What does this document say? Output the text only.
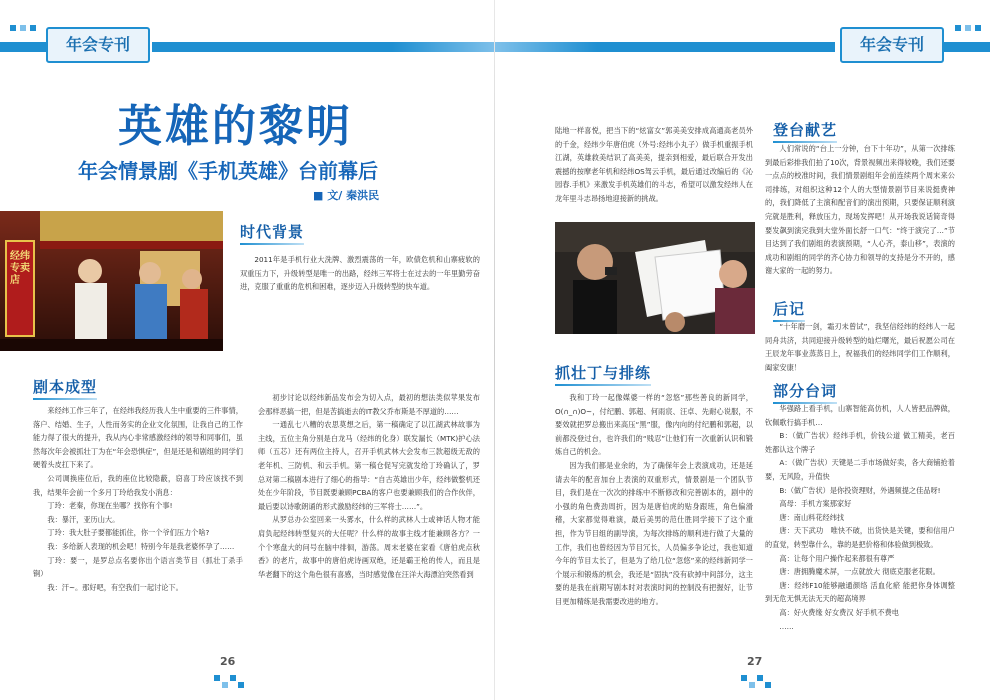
年会专刊
英雄的黎明
年会情景剧《手机英雄》台前幕后
■ 文/ 秦洪民
经纬专卖店
时代背景

2011年是手机行业大洗牌、激烈震荡的一年，欧债危机和山寨疲软的双重压力下，升级转型是唯一的出路，经纬三军将士在过去的一年里勤劳奋进，克服了重重的危机和困难，逐步迈入升级转型的快车道。

剧本成型

来经纬工作三年了，在经纬我经历我人生中重要的三件事情，落户、结婚、生子，人性而务实的企业文化氛围，让我自己的工作能力得了很大的提升，我从内心非常感激经纬的领导和同事们，虽然每次年会被抓壮丁为在“年会恐惧症”，但是还是和剧组的同学们硬着头皮扛下来了。

公司调换座位后，我的座位比较隐蔽，窃喜丁玲应该找不到我，结果年会前一个多月丁玲给我发小消息：

丁玲：老秦，你现在坐哪？找你有个事!

我：暴汗，亚历山大。

丁玲：我大肚子要都能抓住，你一个爷们压力个啥?

我：多给新人表现的机会吧！特别今年是我老婆怀孕了……

丁玲：要一，是罗总点名要你出个语言类节目（抓壮丁杀手锏）

我：汗~。那好吧，有空我们一起讨论下。

初步讨论以经纬新品发布会为切入点，最初的想法类似苹果发布会那样恶搞一把，但是苦搞逝去的IT教父乔布斯是不厚道的……

一通乱七八糟的农思莫想之后，第一稿确定了以江湖武林故事为主线，五位主角分别是白龙马（经纬的化身）联发漏长（MTK)护心法师（五芯）还有两位主持人，召开手机武林大会发布三款超级无敌的老年机、三防机、和云手机。第一稿仓促写完就发给丁玲确认了，罗总对第二稿剧本进行了细心的指导：“自古英雄出少年，经纬做整机还处在少年阶段，节目既要兼顾PCBA的客户也要兼顾我们的合作伙伴，最后要以诗歌朗诵的形式激励经纬的三军将士……”。

从罗总办公室回来一头雾水，什么样的武林人士或神话人物才能肩负起经纬转型复兴的大任呢？什么样的故事主线才能兼顾各方？一个个寒盘大的问号在脑中徘徊，游荡。周末老婆在家看《唐伯虎点秋香》的老片，故事中的唐伯虎诗画双绝，还是霸王枪的传人，而且是华老翻下的这个角色很有喜感，当时感觉像在汪洋大海漂泊突然看到

26
年会专刊

陆地一样喜悦，把当下的“炫富女”郭美美安排成高通高老员外的千金，经纬少年唐伯虎（外号:经纬小丸子）做手机重振手机江湖，英雄救美结识了高美美，提亲到相爱，最后联合开发出震撼的按摩老年机和经纬OS驾云手机，最后通过改编后的《沁园春.手机》来激发手机英雄们的斗志，希望可以激发经纬人在龙年里斗志昂扬地迎接新的挑战。

抓壮丁与排练

我和丁玲一起像媒婆一样的“忽悠”那些善良的新同学，O(∩_∩)O~，付纪鹏、郭超、何雨宸、汪卓、先耐心说服，不要效就把罗总搬出来高压“黑”服，像内向的付纪鹏和郭超，以前都没登过台，也许我们的“贱忍”让他们有一次重新认识和锻炼自己的机会。

因为我们都是业余的，为了确保年会上表演成功，还是延请去年的配音加台上表演的双重形式，情景剧是一个团队节目，我们是在一次次的排练中不断修改和完善剧本的，剧中的小强的角色费劲周折，因为是唐伯虎的贴身跟班，角色偏滑稽，大家都觉得难演，最后美男的范仕胜同学接下了这个重担，作为节目组的副导演，为每次排练的顺利进行做了大量的工作，我们也曾经因为节目冗长，人员偏多争论过，我也知道今年的节目太长了，但是为了给几位“忽悠”来的经纬新同学一个展示和锻炼的机会，我还是“固执”没有砍掉中间部分，这主要的是我在前期写剧本时对表演时间的控制没有把握好，让节目更加精练是我需要改进的地方。

登台献艺

人们常说的“台上一分钟，台下十年功”，从第一次排练到最后彩排我们拍了10次，背景视频出来得较晚，我们还要一点点的校准时间，我们情景剧组年会前连续两个周末来公司排练，对组织这种12个人的大型情景剧节目来说挺费神的，我们降低了主演和配音们的演出预期，只要保证顺利演完就是胜利，释放压力，现场发挥吧！从开场我说话简奇得要发飙到演完我到大堂外面长舒一口气：“终于演完了…”节目达到了我们剧组的表演预期，“人心齐，泰山移”，表演的成功和剧组的同学的齐心协力和领导的支持是分不开的，感谢大家的一起的努力。

后记

“十年磨一剑，霜刃未曾试”，我坚信经纬的经纬人一起同舟共济，共同迎接升级转型的灿烂曙光，最后祝愿公司在王辰龙年事业蒸蒸日上，祝福我们的经纬同学们工作顺利，阖家安康！

部分台词

华强路上看手机，山寨智能高仿机，人人皆把品牌做，钦佩歌行搞手机…

B：（做广告状）经纬手机，价钱公道 做工精美，老百姓都认这个牌子

A：（做广告状）天键是二手市场做好卖，各大商铺抢着要，无风险，升值快

B:（做广告状）是你投资理财，外遇频提之佳品呀!

高母：手机方案那家好

唐：南山料花经纬找

唐：天下武功　唯快不破，出货快是关键，要和信用户的直觉，转型靠什么，靠的是把价格和体验做到极致。

高：让每个用户操作起来都很有尊严

唐：唐拥腾魔术屏，一点就放大 彻底克服老花眼。

唐：经纬F10能够融通颜络 活血化瘀 能把你身体调整到无危无惧无法无天的超高境界

高：好火费缘 好女费汉 好手机不费电

……

27
